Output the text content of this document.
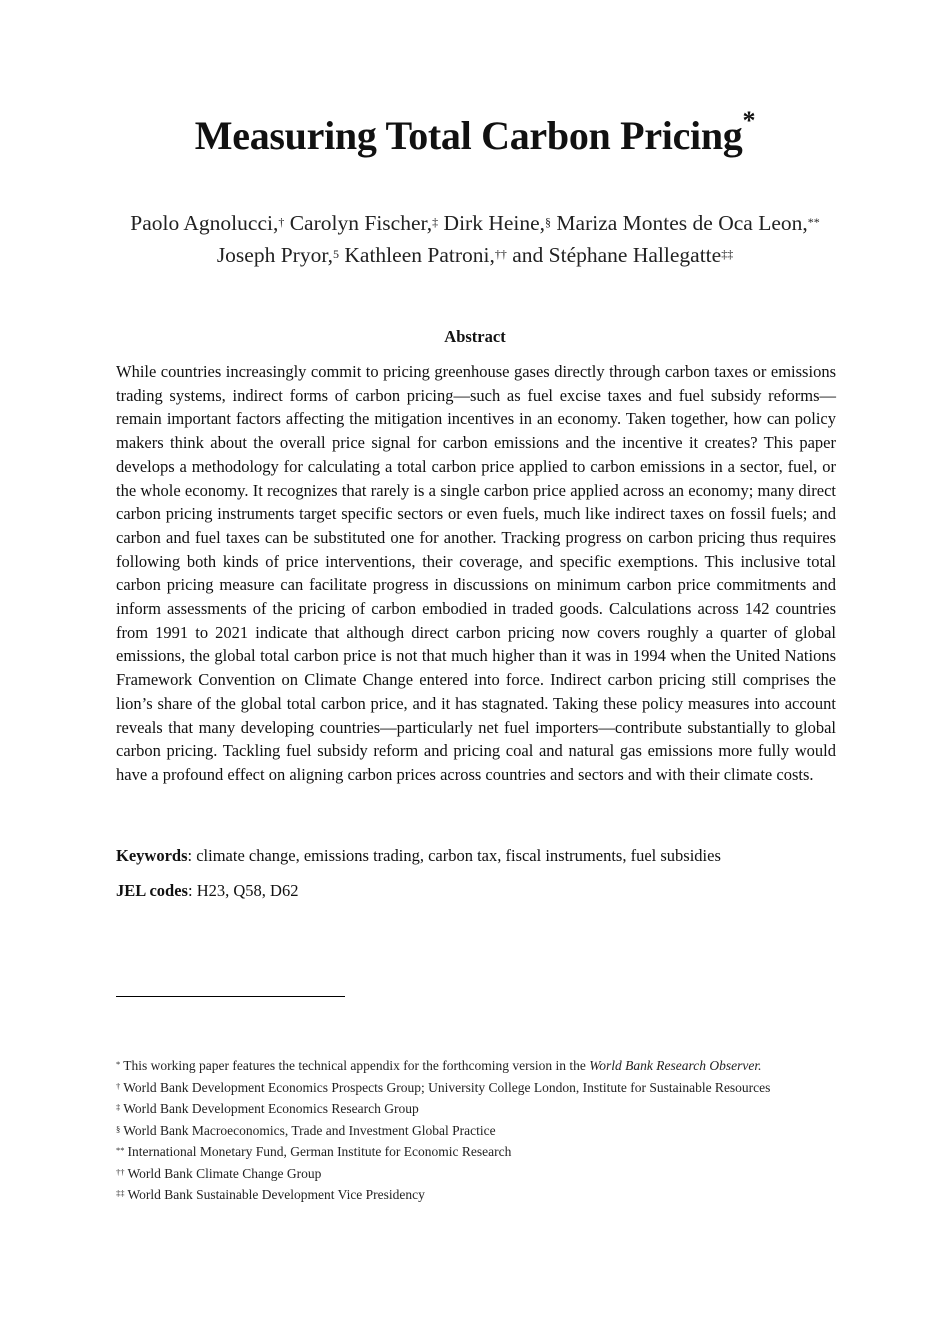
Measuring Total Carbon Pricing*
Paolo Agnolucci,† Carolyn Fischer,‡ Dirk Heine,§ Mariza Montes de Oca Leon,** Joseph Pryor,$^5$ Kathleen Patroni,†† and Stéphane Hallegatte‡‡
Abstract

While countries increasingly commit to pricing greenhouse gases directly through carbon taxes or emissions trading systems, indirect forms of carbon pricing—such as fuel excise taxes and fuel subsidy reforms—remain important factors affecting the mitigation incentives in an economy. Taken together, how can policy makers think about the overall price signal for carbon emissions and the incentive it creates? This paper develops a methodology for calculating a total carbon price applied to carbon emissions in a sector, fuel, or the whole economy. It recognizes that rarely is a single carbon price applied across an economy; many direct carbon pricing instruments target specific sectors or even fuels, much like indirect taxes on fossil fuels; and carbon and fuel taxes can be substituted one for another. Tracking progress on carbon pricing thus requires following both kinds of price interventions, their coverage, and specific exemptions. This inclusive total carbon pricing measure can facilitate progress in discussions on minimum carbon price commitments and inform assessments of the pricing of carbon embodied in traded goods. Calculations across 142 countries from 1991 to 2021 indicate that although direct carbon pricing now covers roughly a quarter of global emissions, the global total carbon price is not that much higher than it was in 1994 when the United Nations Framework Convention on Climate Change entered into force. Indirect carbon pricing still comprises the lion’s share of the global total carbon price, and it has stagnated. Taking these policy measures into account reveals that many developing countries—particularly net fuel importers—contribute substantially to global carbon pricing. Tackling fuel subsidy reform and pricing coal and natural gas emissions more fully would have a profound effect on aligning carbon prices across countries and sectors and with their climate costs.

Keywords: climate change, emissions trading, carbon tax, fiscal instruments, fuel subsidies

JEL codes: H23, Q58, D62

* This working paper features the technical appendix for the forthcoming version in the World Bank Research Observer.

† World Bank Development Economics Prospects Group; University College London, Institute for Sustainable Resources

‡ World Bank Development Economics Research Group

§ World Bank Macroeconomics, Trade and Investment Global Practice

** International Monetary Fund, German Institute for Economic Research

†† World Bank Climate Change Group

‡‡ World Bank Sustainable Development Vice Presidency
